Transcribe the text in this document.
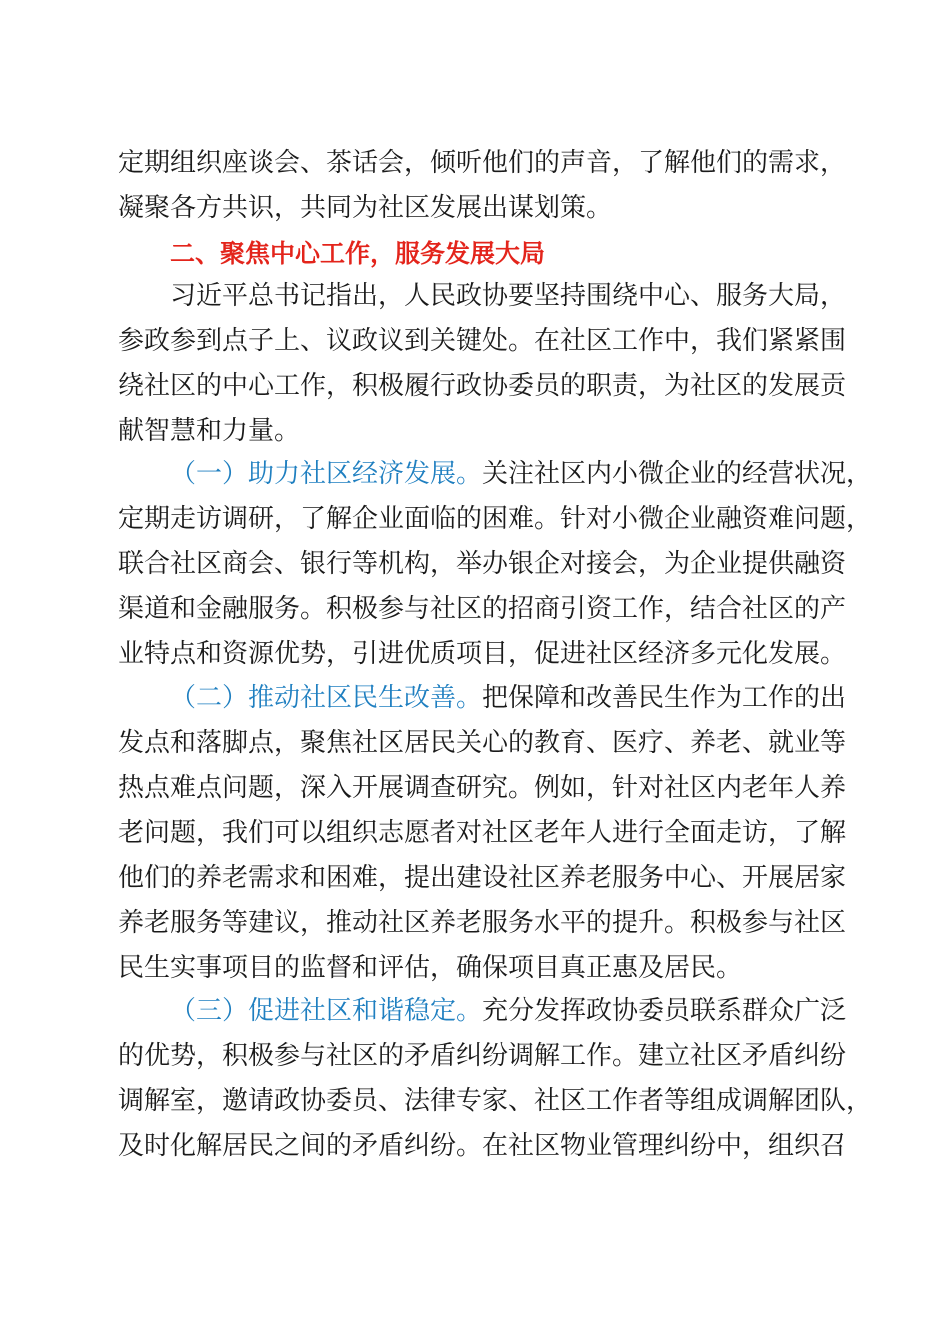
定期组织座谈会、茶话会，倾听他们的声音，了解他们的需求，
凝聚各方共识，共同为社区发展出谋划策。
二、聚焦中心工作，服务发展大局
习近平总书记指出，人民政协要坚持围绕中心、服务大局，
参政参到点子上、议政议到关键处。在社区工作中，我们紧紧围
绕社区的中心工作，积极履行政协委员的职责，为社区的发展贡
献智慧和力量。
（一）助力社区经济发展。关注社区内小微企业的经营状况，
定期走访调研，了解企业面临的困难。针对小微企业融资难问题，
联合社区商会、银行等机构，举办银企对接会，为企业提供融资
渠道和金融服务。积极参与社区的招商引资工作，结合社区的产
业特点和资源优势，引进优质项目，促进社区经济多元化发展。
（二）推动社区民生改善。把保障和改善民生作为工作的出
发点和落脚点，聚焦社区居民关心的教育、医疗、养老、就业等
热点难点问题，深入开展调查研究。例如，针对社区内老年人养
老问题，我们可以组织志愿者对社区老年人进行全面走访，了解
他们的养老需求和困难，提出建设社区养老服务中心、开展居家
养老服务等建议，推动社区养老服务水平的提升。积极参与社区
民生实事项目的监督和评估，确保项目真正惠及居民。
（三）促进社区和谐稳定。充分发挥政协委员联系群众广泛
的优势，积极参与社区的矛盾纠纷调解工作。建立社区矛盾纠纷
调解室，邀请政协委员、法律专家、社区工作者等组成调解团队，
及时化解居民之间的矛盾纠纷。在社区物业管理纠纷中，组织召
